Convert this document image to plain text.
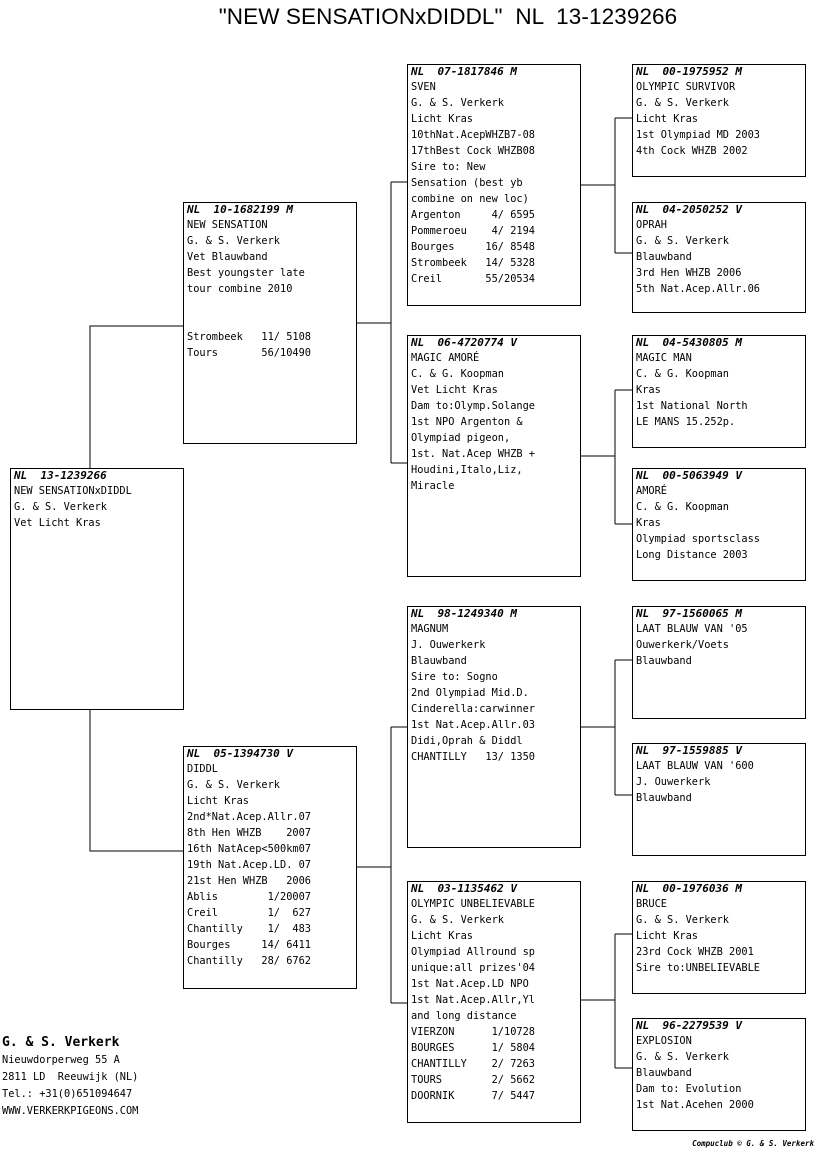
"NEW SENSATIONxDIDDL"  NL  13-1239266
NL  13-1239266
NEW SENSATIONxDIDDL
G. & S. Verkerk
Vet Licht Kras
NL  10-1682199 M
NEW SENSATION
G. & S. Verkerk
Vet Blauwband
Best youngster late
tour combine 2010

Strombeek   11/ 5108
Tours       56/10490
NL  05-1394730 V
DIDDL
G. & S. Verkerk
Licht Kras
2nd*Nat.Acep.Allr.07
8th Hen WHZB    2007
16th NatAcep<500km07
19th Nat.Acep.LD. 07
21st Hen WHZB   2006
Ablis        1/20007
Creil        1/  627
Chantilly    1/  483
Bourges     14/ 6411
Chantilly   28/ 6762
NL  07-1817846 M
SVEN
G. & S. Verkerk
Licht Kras
10thNat.AcepWHZB7-08
17thBest Cock WHZB08
Sire to: New
Sensation (best yb
combine on new loc)
Argenton     4/ 6595
Pommeroeu    4/ 2194
Bourges     16/ 8548
Strombeek   14/ 5328
Creil       55/20534
NL  06-4720774 V
MAGIC AMORÉ
C. & G. Koopman
Vet Licht Kras
Dam to:Olymp.Solange
1st NPO Argenton &
Olympiad pigeon,
1st. Nat.Acep WHZB +
Houdini,Italo,Liz,
Miracle
NL  98-1249340 M
MAGNUM
J. Ouwerkerk
Blauwband
Sire to: Sogno
2nd Olympiad Mid.D.
Cinderella:carwinner
1st Nat.Acep.Allr.03
Didi,Oprah & Diddl
CHANTILLY   13/ 1350
NL  03-1135462 V
OLYMPIC UNBELIEVABLE
G. & S. Verkerk
Licht Kras
Olympiad Allround sp
unique:all prizes'04
1st Nat.Acep.LD NPO
1st Nat.Acep.Allr,Yl
and long distance
VIERZON      1/10728
BOURGES      1/ 5804
CHANTILLY    2/ 7263
TOURS        2/ 5662
DOORNIK      7/ 5447
NL  00-1975952 M
OLYMPIC SURVIVOR
G. & S. Verkerk
Licht Kras
1st Olympiad MD 2003
4th Cock WHZB 2002
NL  04-2050252 V
OPRAH
G. & S. Verkerk
Blauwband
3rd Hen WHZB 2006
5th Nat.Acep.Allr.06
NL  04-5430805 M
MAGIC MAN
C. & G. Koopman
Kras
1st National North
LE MANS 15.252p.
NL  00-5063949 V
AMORÉ
C. & G. Koopman
Kras
Olympiad sportsclass
Long Distance 2003
NL  97-1560065 M
LAAT BLAUW VAN '05
Ouwerkerk/Voets
Blauwband
NL  97-1559885 V
LAAT BLAUW VAN '600
J. Ouwerkerk
Blauwband
NL  00-1976036 M
BRUCE
G. & S. Verkerk
Licht Kras
23rd Cock WHZB 2001
Sire to:UNBELIEVABLE
NL  96-2279539 V
EXPLOSION
G. & S. Verkerk
Blauwband
Dam to: Evolution
1st Nat.Acehen 2000
G. & S. Verkerk
Nieuwdorperweg 55 A
2811 LD  Reeuwijk (NL)
Tel.: +31(0)651094647
WWW.VERKERKPIGEONS.COM
Compuclub © G. & S. Verkerk
